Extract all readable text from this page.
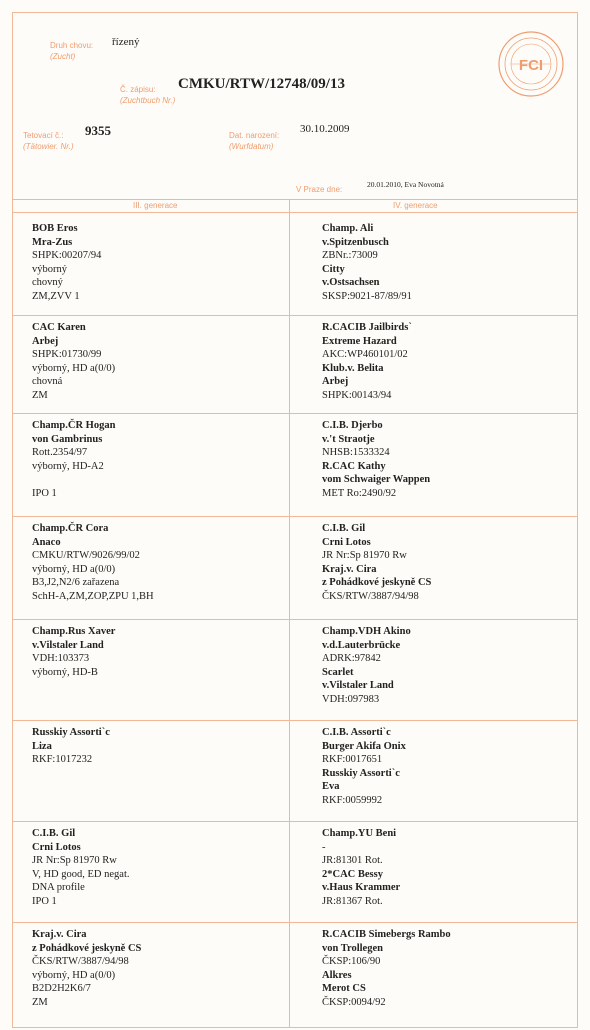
Druh chovu:
(Zucht)
řízený
Č. zápisu:
(Zuchtbuch Nr.)
CMKU/RTW/12748/09/13
Tetovací č.:
(Tätowier. Nr.)
9355	Dat. narození:
(Wurfdatum)
30.10.2009
V Praze dne:
20.01.2010, Eva Novotná
FCI
III. generace	IV. generace
BOB Eros
Mra-Zus
SHPK:00207/94
výborný
chovný
ZM,ZVV 1
Champ. Ali
v.Spitzenbusch
ZBNr.:73009
Citty
v.Ostsachsen
SKSP:9021-87/89/91
CAC Karen
Arbej
SHPK:01730/99
výborný, HD a(0/0)
chovná
ZM
R.CACIB Jailbirds`
Extreme Hazard
AKC:WP460101/02
Klub.v. Belita
Arbej
SHPK:00143/94
Champ.ČR Hogan
von Gambrinus
Rott.2354/97
výborný, HD-A2

IPO 1
C.I.B. Djerbo
v.'t Straotje
NHSB:1533324
R.CAC Kathy
vom Schwaiger Wappen
MET Ro:2490/92
Champ.ČR Cora
Anaco
CMKU/RTW/9026/99/02
výborný, HD a(0/0)
B3,J2,N2/6 zařazena
SchH-A,ZM,ZOP,ZPU 1,BH
C.I.B. Gil
Crni Lotos
JR Nr:Sp 81970 Rw
Kraj.v. Cira
z Pohádkové jeskyně CS
ČKS/RTW/3887/94/98
Champ.Rus Xaver
v.Vilstaler Land
VDH:103373
výborný, HD-B
Champ.VDH Akino
v.d.Lauterbrücke
ADRK:97842
Scarlet
v.Vilstaler Land
VDH:097983
Russkiy Assorti`c
Liza
RKF:1017232
C.I.B. Assorti`c
Burger Akifa Onix
RKF:0017651
Russkiy Assorti`c
Eva
RKF:0059992
C.I.B. Gil
Crni Lotos
JR Nr:Sp 81970 Rw
V, HD good, ED negat.
DNA profile
IPO 1
Champ.YU Beni
-
JR:81301 Rot.
2*CAC Bessy
v.Haus Krammer
JR:81367 Rot.
Kraj.v. Cira
z Pohádkové jeskyně CS
ČKS/RTW/3887/94/98
výborný, HD a(0/0)
B2D2H2K6/7
ZM
R.CACIB Simebergs Rambo
von Trollegen
ČKSP:106/90
Alkres
Merot CS
ČKSP:0094/92
